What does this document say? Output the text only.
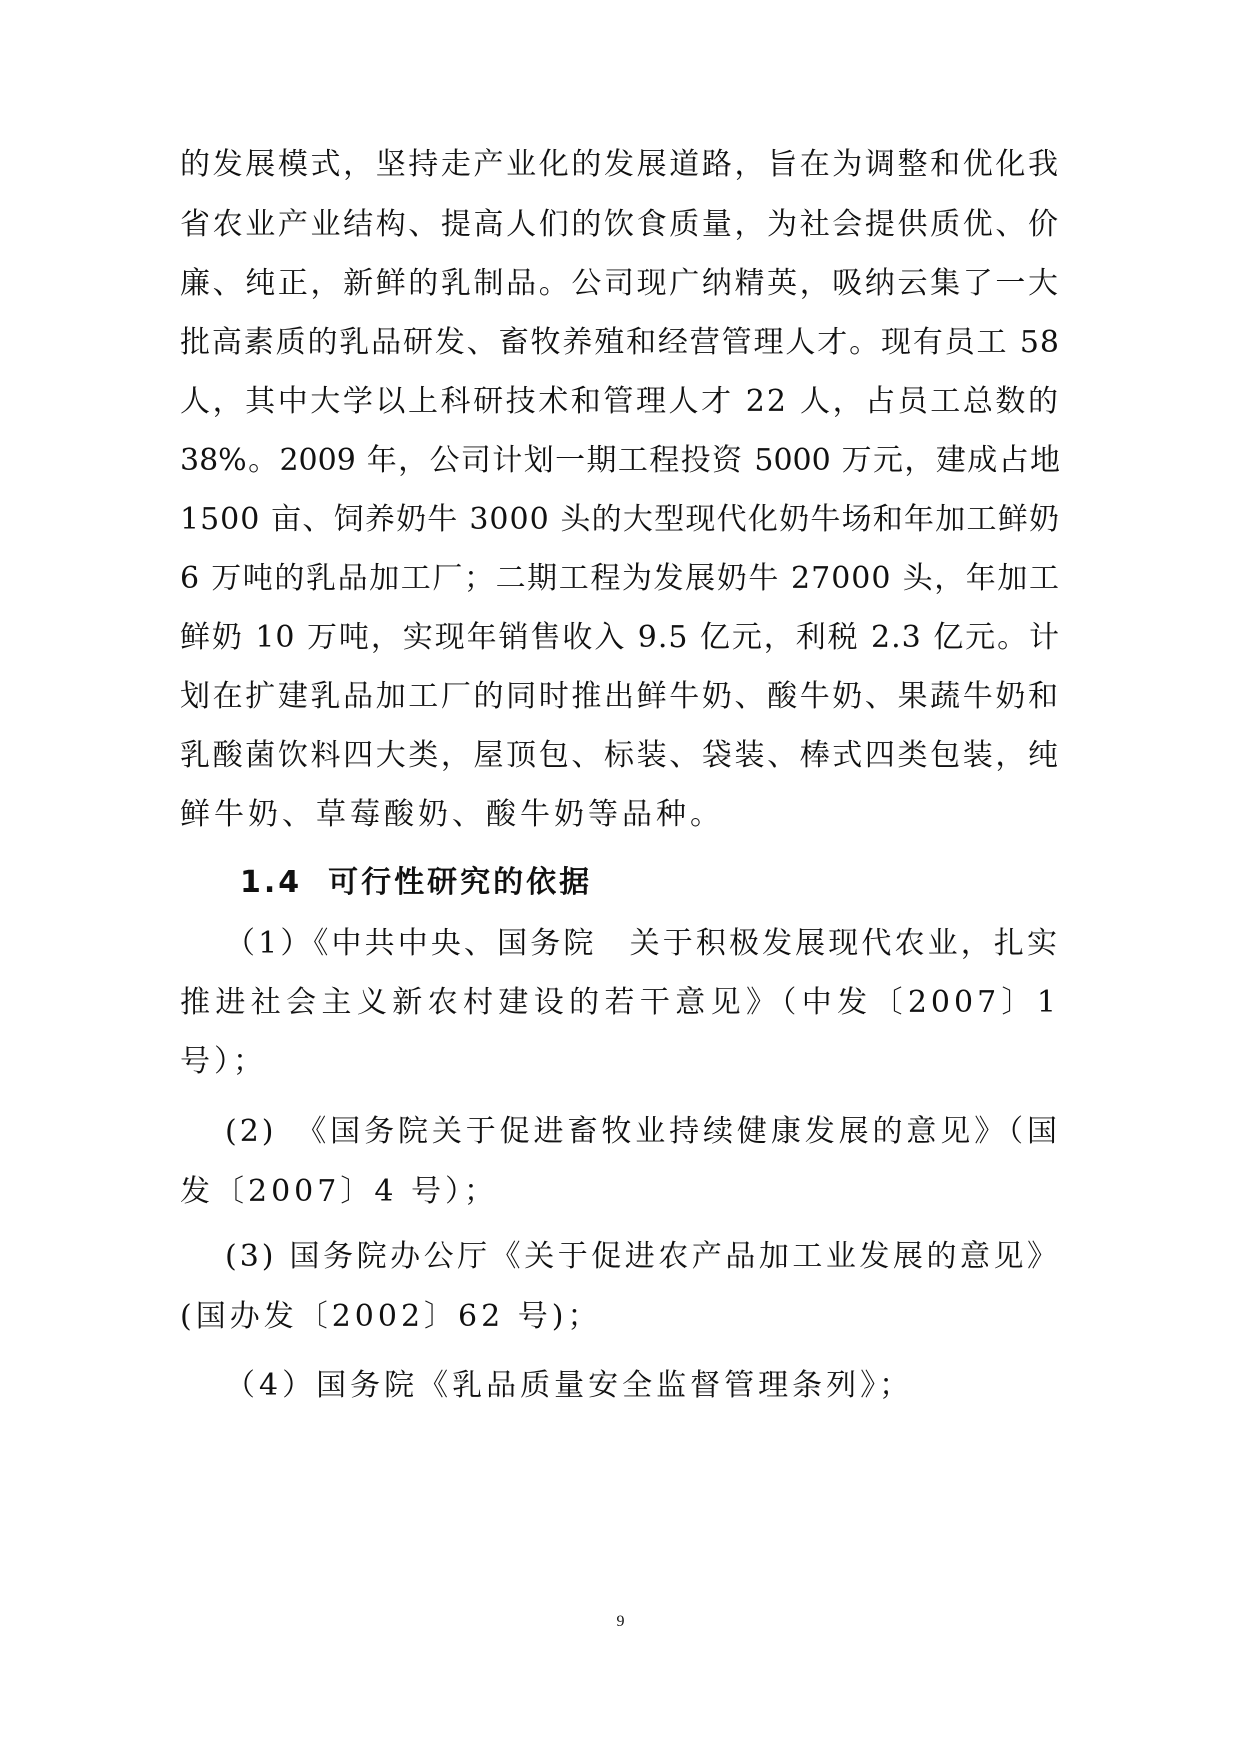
的发展模式，坚持走产业化的发展道路，旨在为调整和优化我

省农业产业结构、提高人们的饮食质量，为社会提供质优、价

廉、纯正，新鲜的乳制品。公司现广纳精英，吸纳云集了一大

批高素质的乳品研发、畜牧养殖和经营管理人才。现有员工 58

人，其中大学以上科研技术和管理人才 22 人，占员工总数的

38%。2009 年，公司计划一期工程投资 5000 万元，建成占地

1500 亩、饲养奶牛 3000 头的大型现代化奶牛场和年加工鲜奶

6 万吨的乳品加工厂；二期工程为发展奶牛 27000 头，年加工

鲜奶 10 万吨，实现年销售收入 9.5 亿元，利税 2.3 亿元。计

划在扩建乳品加工厂的同时推出鲜牛奶、酸牛奶、果蔬牛奶和

乳酸菌饮料四大类，屋顶包、标装、袋装、棒式四类包装，纯

鲜牛奶、草莓酸奶、酸牛奶等品种。

1.4 可行性研究的依据

（1）《中共中央、国务院　关于积极发展现代农业，扎实

推进社会主义新农村建设的若干意见》（中发〔2007〕1

号）；

(2)　《国务院关于促进畜牧业持续健康发展的意见》（国

发〔2007〕4 号）；

(3) 国务院办公厅《关于促进农产品加工业发展的意见》

(国办发〔2002〕62 号)；

（4）国务院《乳品质量安全监督管理条列》；

9
